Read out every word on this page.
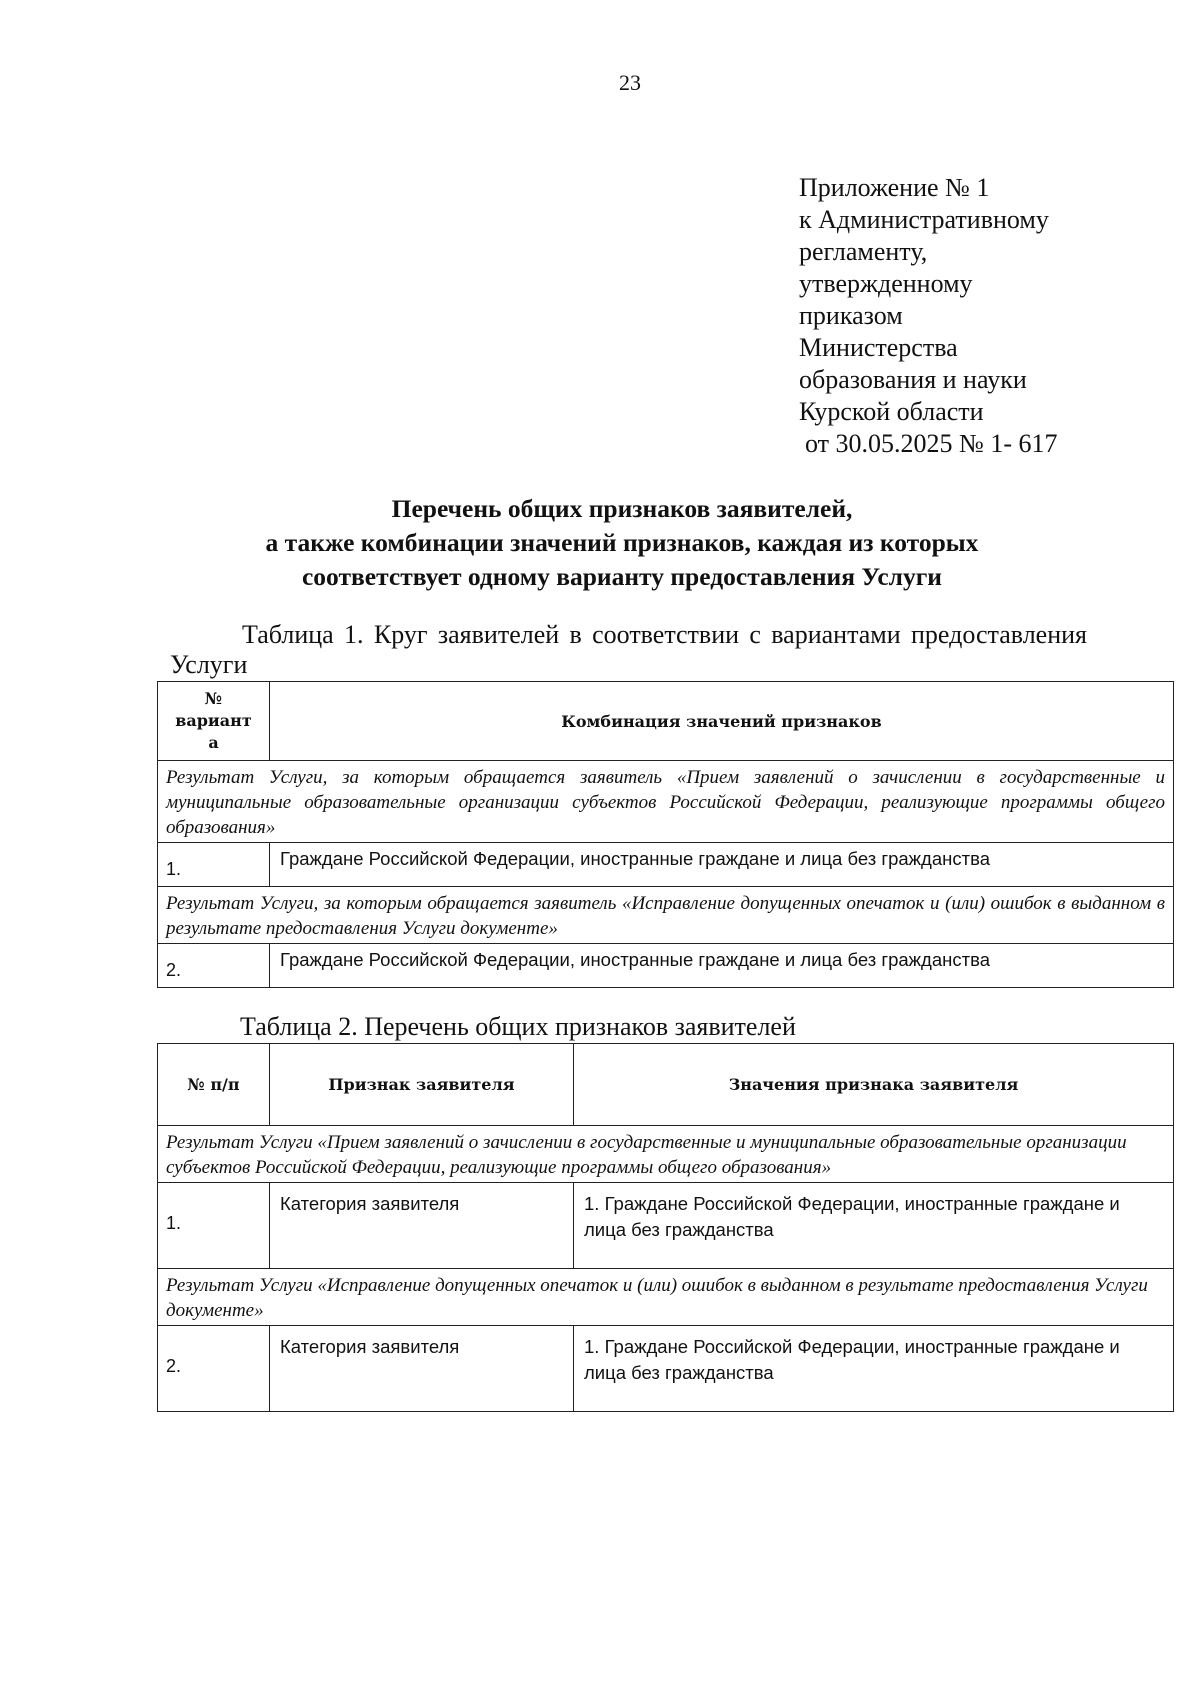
23
Приложение № 1
к Административному
регламенту,
утвержденному
приказом
Министерства
образования и науки
Курской области
от 30.05.2025 № 1- 617
Перечень общих признаков заявителей,
а также комбинации значений признаков, каждая из которых
соответствует одному варианту предоставления Услуги
Таблица 1. Круг заявителей в соответствии с вариантами предоставления Услуги
№
вариант
а	Комбинация значений признаков
Результат Услуги, за которым обращается заявитель «Прием заявлений о зачислении в государственные и муниципальные образовательные организации субъектов Российской Федерации, реализующие программы общего образования»	
1.	Граждане Российской Федерации, иностранные граждане и лица без гражданства
Результат Услуги, за которым обращается заявитель «Исправление допущенных опечаток и (или) ошибок в выданном в результате предоставления Услуги документе»	
2.	Граждане Российской Федерации, иностранные граждане и лица без гражданства
Таблица 2. Перечень общих признаков заявителей
№ п/п	Признак заявителя	Значения признака заявителя
Результат Услуги «Прием заявлений о зачислении в государственные и муниципальные образовательные организации субъектов Российской Федерации, реализующие программы общего образования»		
1.	Категория заявителя	1. Граждане Российской Федерации, иностранные граждане и лица без гражданства
Результат Услуги «Исправление допущенных опечаток и (или) ошибок в выданном в результате предоставления Услуги документе»		
2.	Категория заявителя	1. Граждане Российской Федерации, иностранные граждане и лица без гражданства
